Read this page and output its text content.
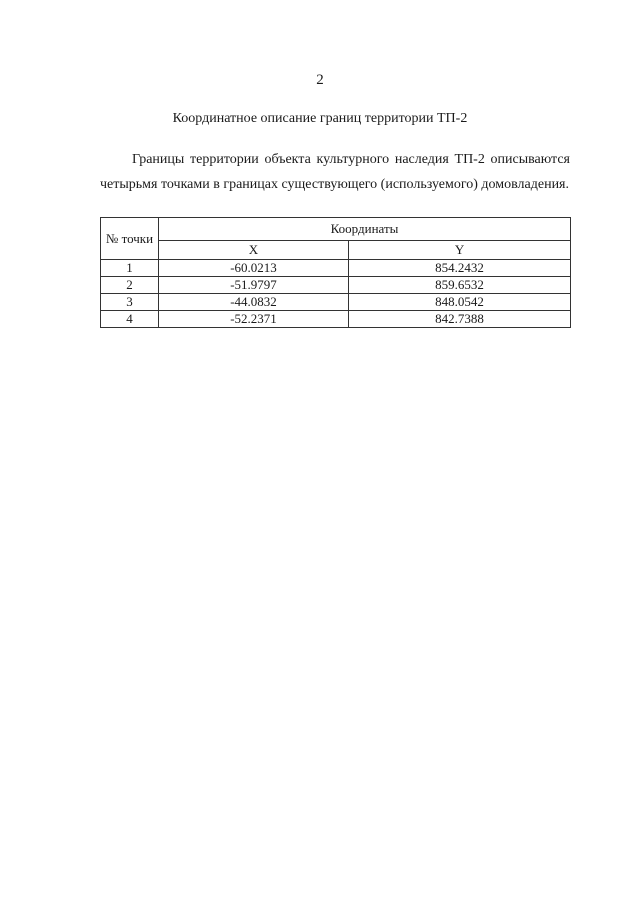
2
Координатное описание границ территории ТП-2
Границы территории объекта культурного наследия ТП-2 описываются четырьмя точками в границах существующего (используемого) домовладения.
№ точки	Координаты	
	X	Y
1	-60.0213	854.2432
2	-51.9797	859.6532
3	-44.0832	848.0542
4	-52.2371	842.7388
